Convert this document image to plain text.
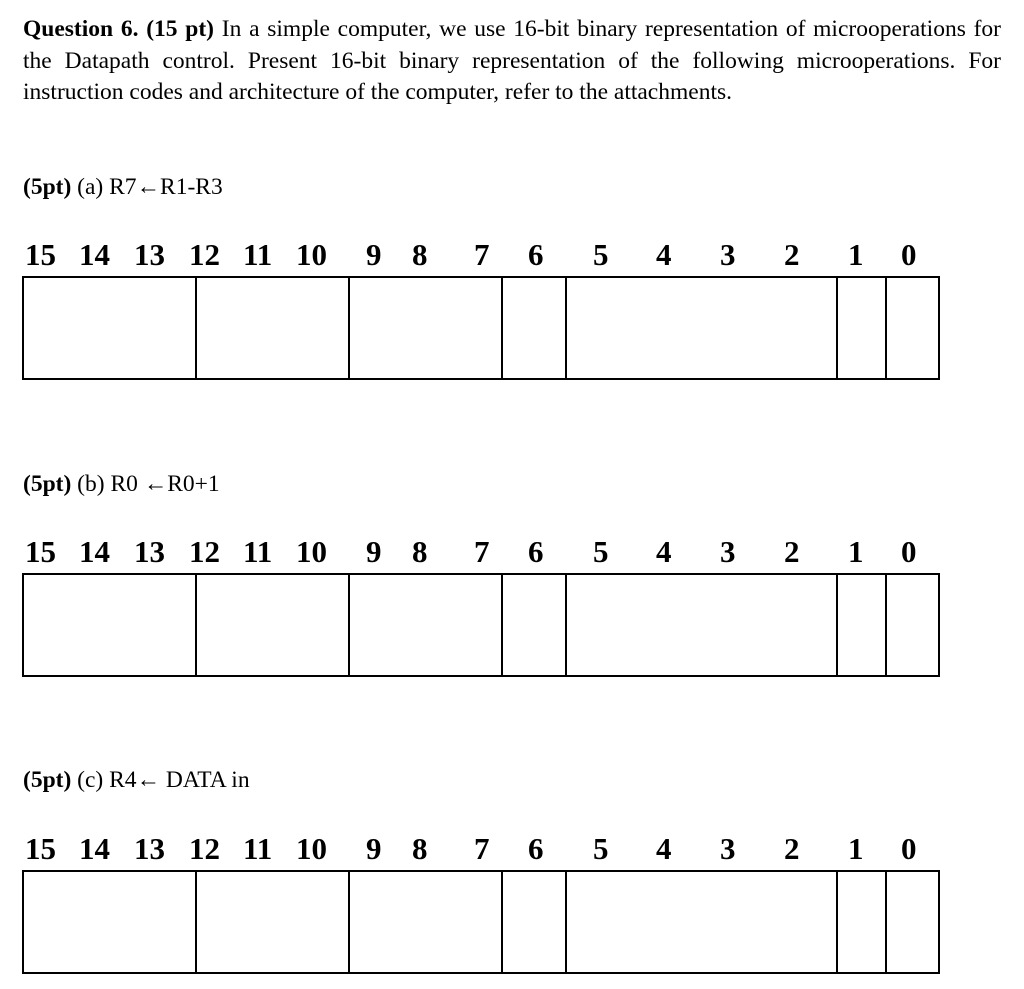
Question 6. (15 pt) In a simple computer, we use 16-bit binary representation of microoperations for the Datapath control. Present 16-bit binary representation of the following microoperations. For instruction codes and architecture of the computer, refer to the attachments.
(5pt) (a) R7←R1-R3
15 14 13 12 11 10 9 8 7 6 5 4 3 2 1 0
(5pt) (b) R0 ←R0+1
15 14 13 12 11 10 9 8 7 6 5 4 3 2 1 0
(5pt) (c) R4← DATA in
15 14 13 12 11 10 9 8 7 6 5 4 3 2 1 0
